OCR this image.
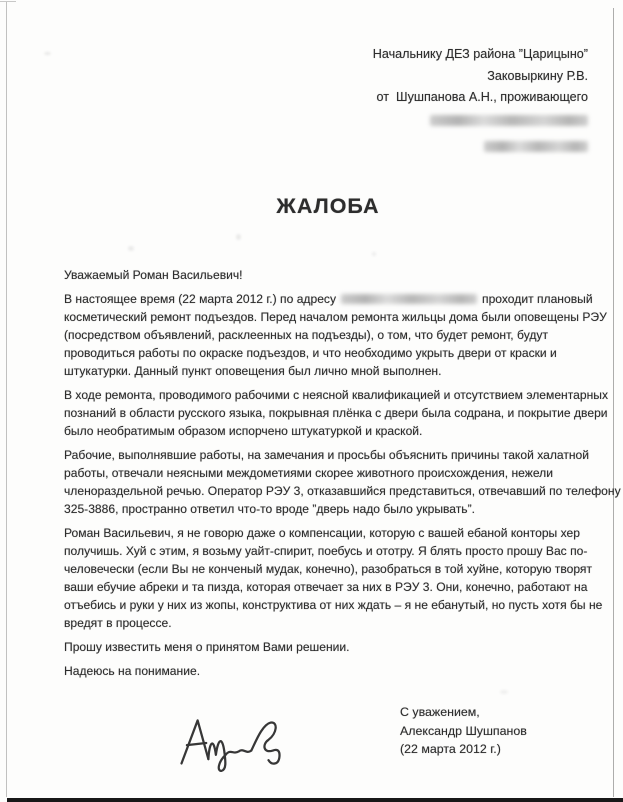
Начальнику ДЕЗ района ”Царицыно”
Заковыркину Р.В.
от  Шушпанова А.Н., проживающего
ЖАЛОБА
Уважаемый Роман Васильевич!
В настоящее время (22 марта 2012 г.) по адресу	проходит плановый
косметический ремонт подъездов. Перед началом ремонта жильцы дома были оповещены РЭУ
(посредством объявлений, расклеенных на подъезды), о том, что будет ремонт, будут
проводиться работы по окраске подъездов, и что необходимо укрыть двери от краски и
штукатурки. Данный пункт оповещения был лично мной выполнен.
В ходе ремонта, проводимого рабочими с неясной квалификацией и отсутствием элементарных
познаний в области русского языка, покрывная плёнка с двери была содрана, и покрытие двери
было необратимым образом испорчено штукатуркой и краской.
Рабочие, выполнявшие работы, на замечания и просьбы объяснить причины такой халатной
работы, отвечали неясными междометиями скорее животного происхождения, нежели
членораздельной речью. Оператор РЭУ 3, отказавшийся представиться, отвечавший по телефону
325-3886, пространно ответил что-то вроде ”дверь надо было укрывать”.
Роман Васильевич, я не говорю даже о компенсации, которую с вашей ебаной конторы хер
получишь. Хуй с этим, я возьму уайт-спирит, поебусь и ототру. Я блять просто прошу Вас по-
человечески (если Вы не конченый мудак, конечно), разобраться в той хуйне, которую творят
ваши ебучие абреки и та пизда, которая отвечает за них в РЭУ 3. Они, конечно, работают на
отъебись и руки у них из жопы, конструктива от них ждать – я не ебанутый, но пусть хотя бы не
вредят в процессе.
Прошу известить меня о принятом Вами решении.
Надеюсь на понимание.
С уважением,
Александр Шушпанов
(22 марта 2012 г.)
